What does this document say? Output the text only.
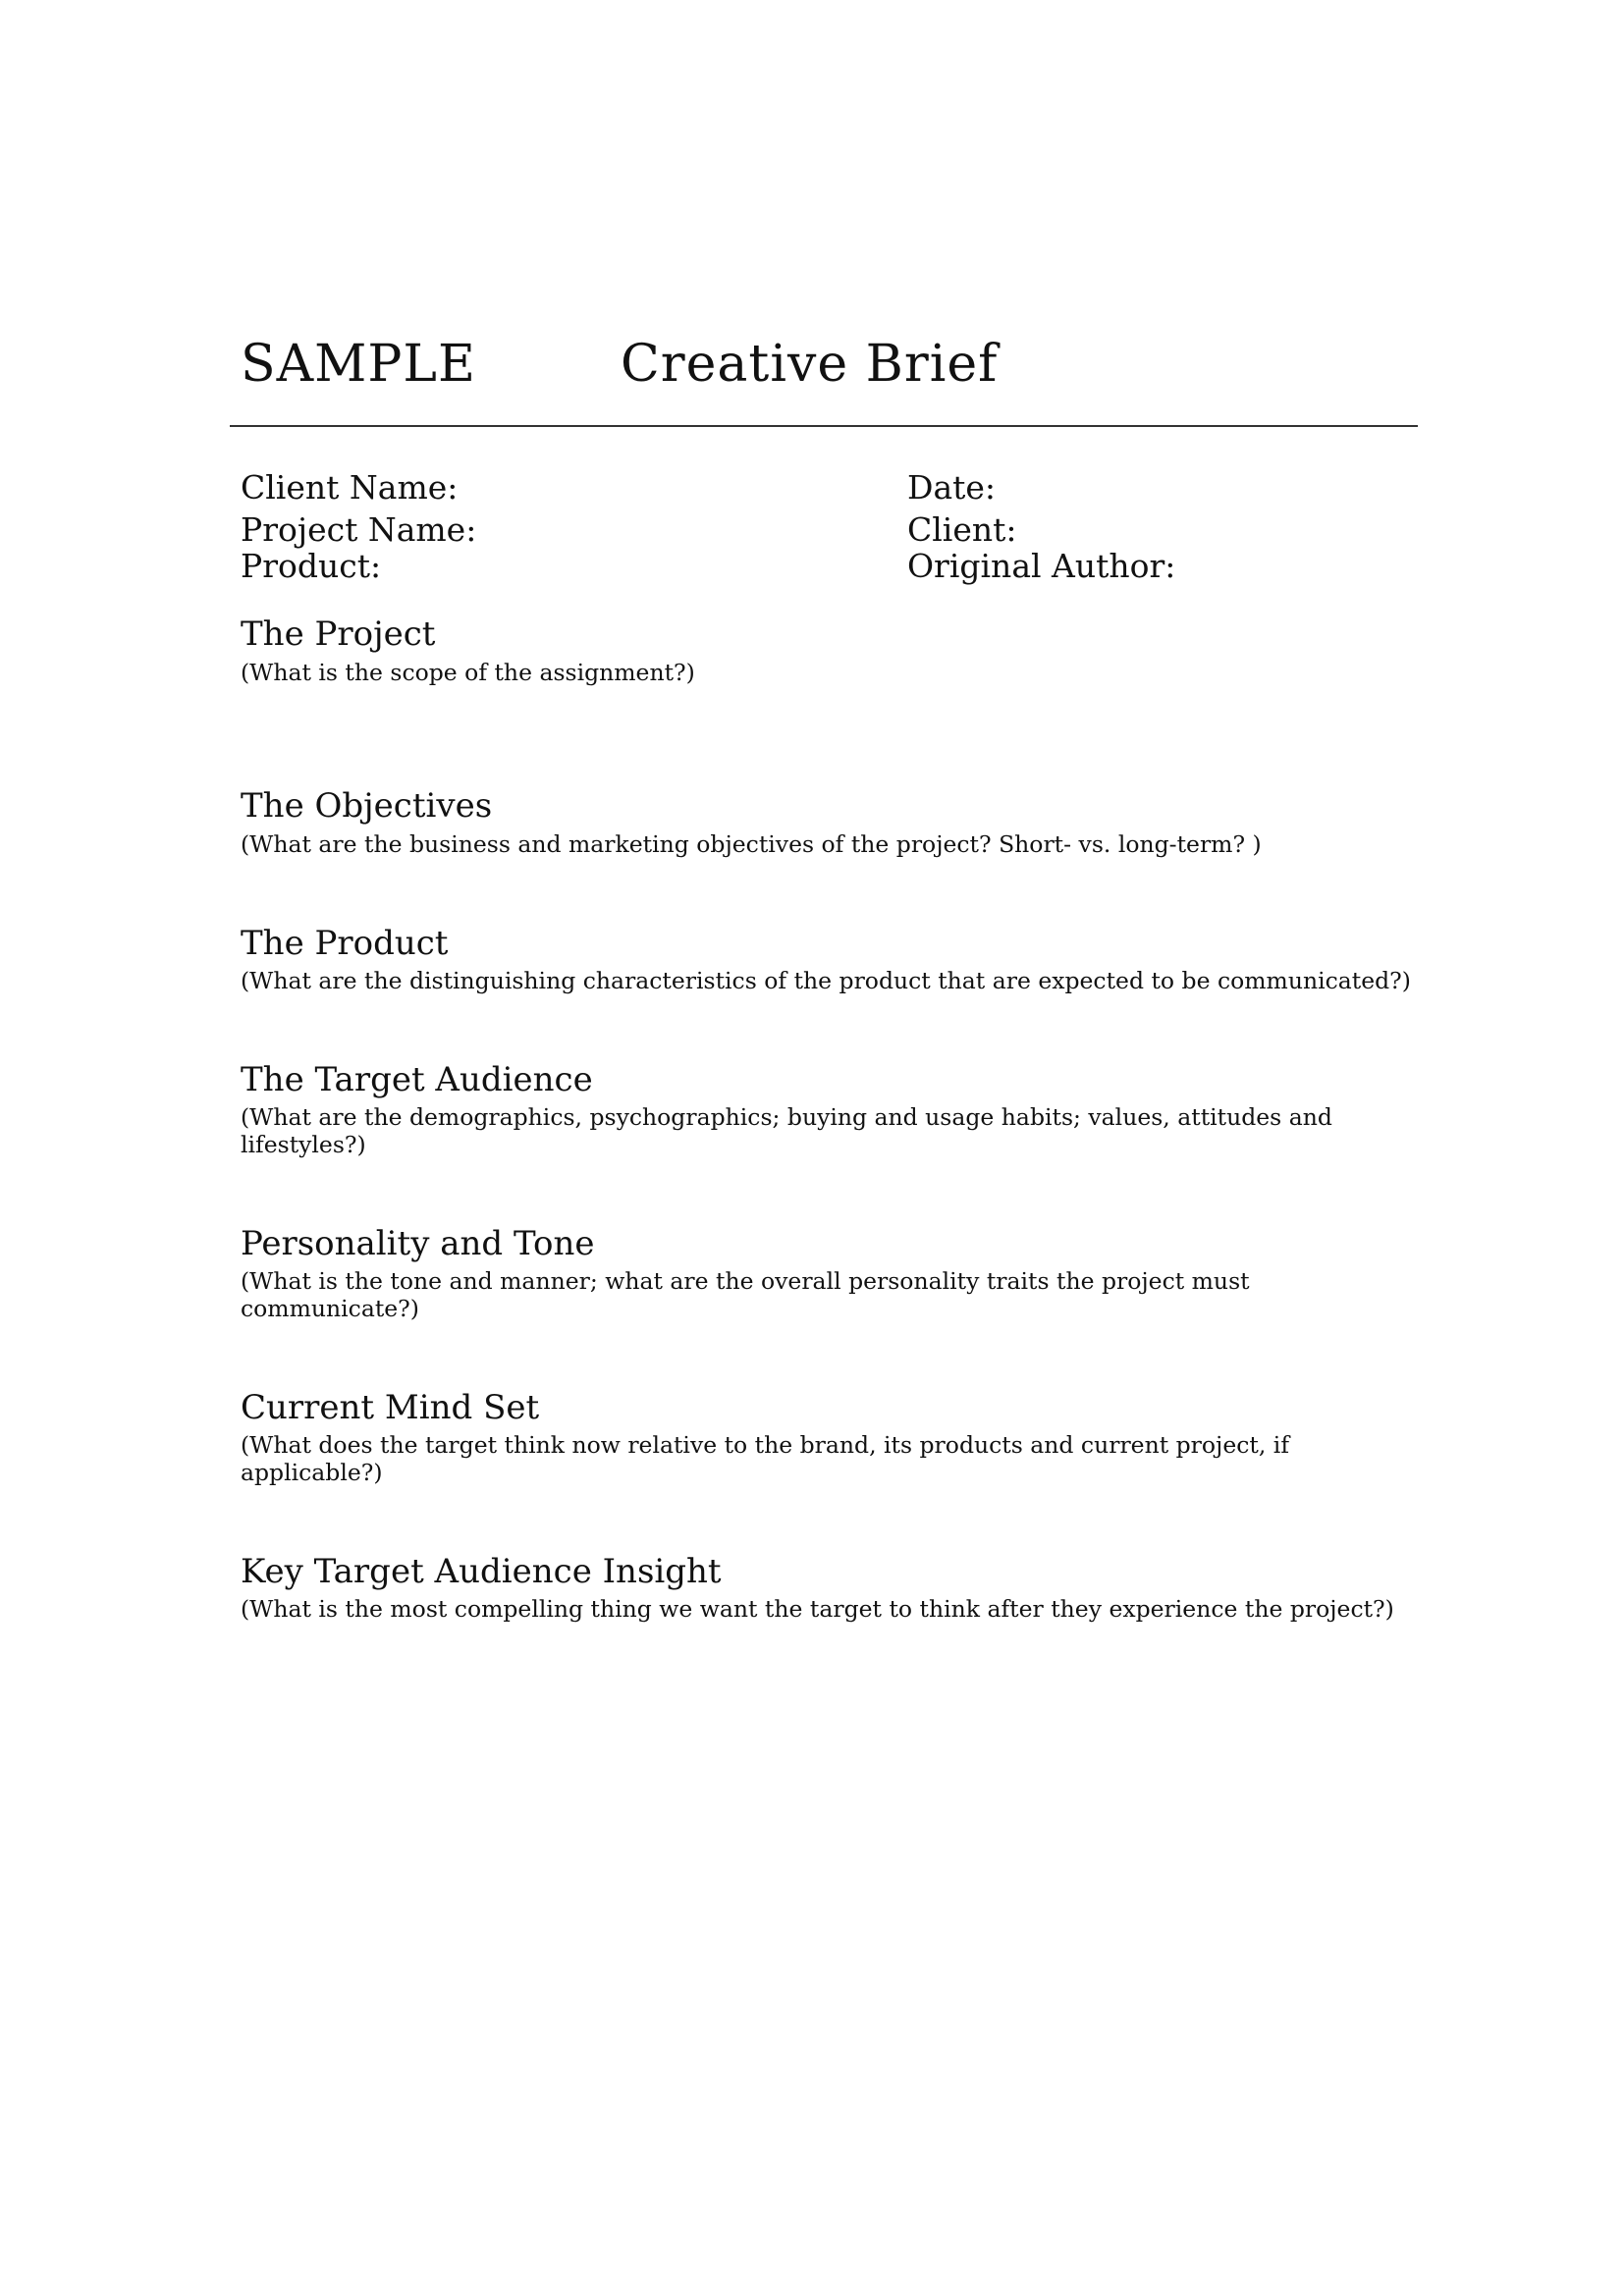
SAMPLE	Creative Brief
Client Name:
Project Name:
Product:
Date:
Client:
Original Author:
The Project
(What is the scope of the assignment?)
The Objectives
(What are the business and marketing objectives of the project? Short- vs. long-term? )
The Product
(What are the distinguishing characteristics of the product that are expected to be communicated?)
The Target Audience
(What are the demographics, psychographics; buying and usage habits; values, attitudes and lifestyles?)
Personality and Tone
(What is the tone and manner; what are the overall personality traits the project must communicate?)
Current Mind Set
(What does the target think now relative to the brand, its products and current project, if applicable?)
Key Target Audience Insight
(What is the most compelling thing we want the target to think after they experience the project?)
